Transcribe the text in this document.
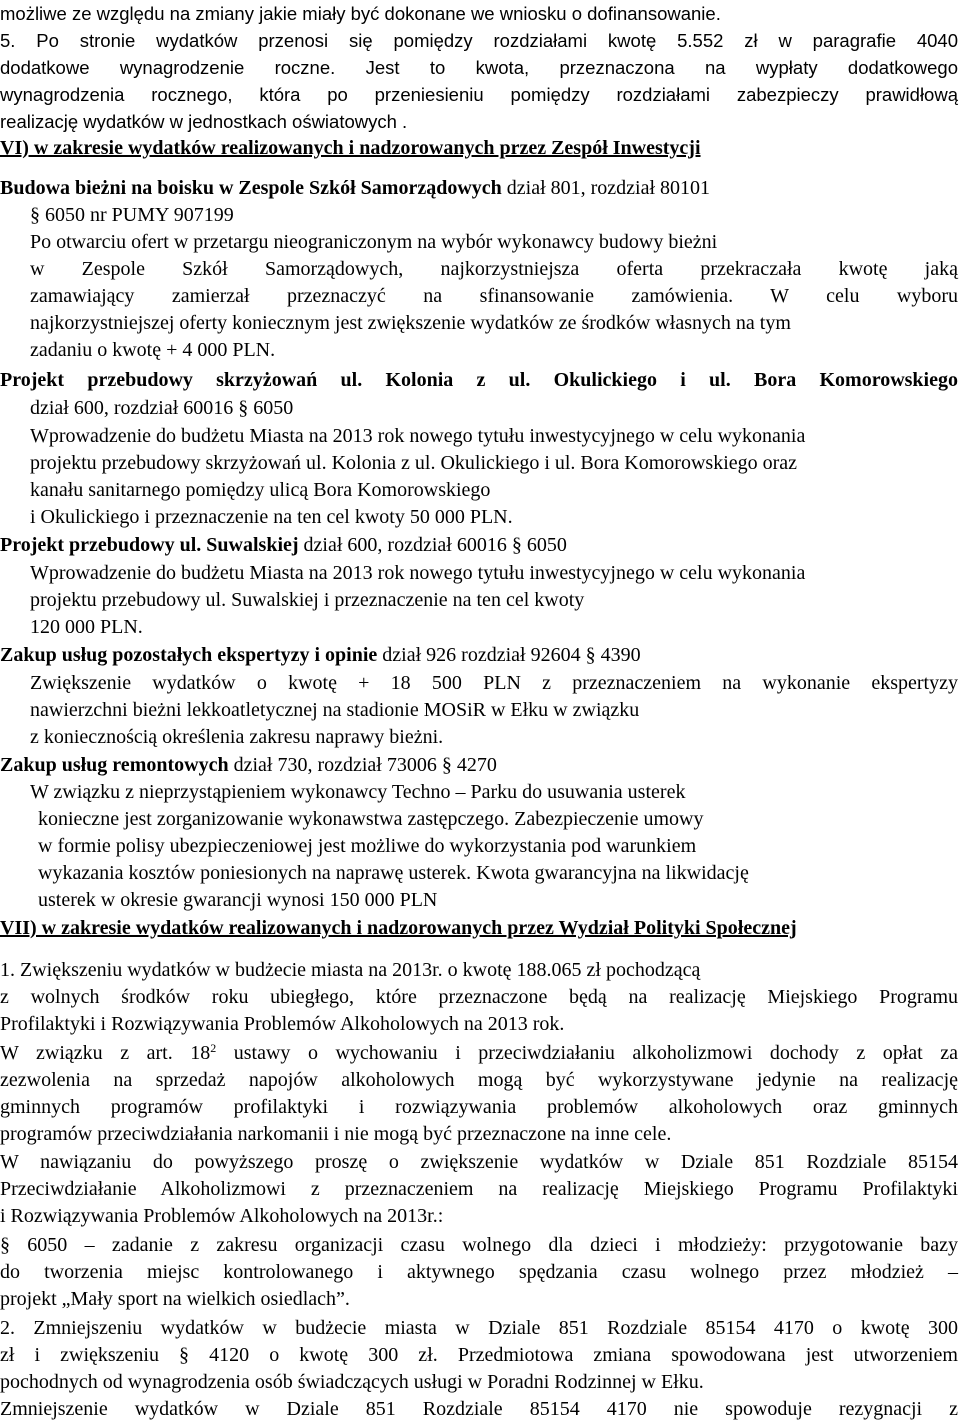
możliwe ze względu na zmiany jakie miały być dokonane we wniosku o dofinansowanie.
5. Po stronie wydatków przenosi się pomiędzy rozdziałami kwotę 5.552 zł w paragrafie 4040
dodatkowe wynagrodzenie roczne. Jest to kwota, przeznaczona na wypłaty dodatkowego
wynagrodzenia rocznego, która po przeniesieniu pomiędzy rozdziałami zabezpieczy prawidłową
realizację wydatków w jednostkach oświatowych .
VI) w zakresie wydatków realizowanych i nadzorowanych przez Zespół Inwestycji
Budowa bieżni na boisku w Zespole Szkół Samorządowych dział 801, rozdział 80101
§ 6050 nr PUMY 907199
Po otwarciu ofert w przetargu nieograniczonym na wybór wykonawcy budowy bieżni
w Zespole Szkół Samorządowych, najkorzystniejsza oferta przekraczała kwotę jaką
zamawiający zamierzał przeznaczyć na sfinansowanie zamówienia. W celu wyboru
najkorzystniejszej oferty koniecznym jest zwiększenie wydatków ze środków własnych na tym
zadaniu o kwotę + 4 000 PLN.
Projekt przebudowy skrzyżowań ul. Kolonia z ul. Okulickiego i ul. Bora Komorowskiego
dział 600, rozdział 60016 § 6050
Wprowadzenie do budżetu Miasta na 2013 rok nowego tytułu inwestycyjnego w celu wykonania
projektu przebudowy skrzyżowań ul. Kolonia z ul. Okulickiego i ul. Bora Komorowskiego oraz
kanału sanitarnego pomiędzy ulicą Bora Komorowskiego
i Okulickiego i przeznaczenie na ten cel kwoty 50 000 PLN.
Projekt przebudowy ul. Suwalskiej dział 600, rozdział 60016 § 6050
Wprowadzenie do budżetu Miasta na 2013 rok nowego tytułu inwestycyjnego w celu wykonania
projektu przebudowy ul. Suwalskiej i przeznaczenie na ten cel kwoty
120 000 PLN.
Zakup usług pozostałych ekspertyzy i opinie dział 926 rozdział 92604 § 4390
Zwiększenie wydatków o kwotę + 18 500 PLN z przeznaczeniem na wykonanie ekspertyzy
nawierzchni bieżni lekkoatletycznej na stadionie MOSiR w Ełku w związku
z koniecznością określenia zakresu naprawy bieżni.
Zakup usług remontowych dział 730, rozdział 73006 § 4270
W związku z nieprzystąpieniem wykonawcy Techno – Parku do usuwania usterek
konieczne jest zorganizowanie wykonawstwa zastępczego. Zabezpieczenie umowy
w formie polisy ubezpieczeniowej jest możliwe do wykorzystania pod warunkiem
wykazania kosztów poniesionych na naprawę usterek. Kwota gwarancyjna na likwidację
usterek w okresie gwarancji wynosi 150 000 PLN
VII) w zakresie wydatków realizowanych i nadzorowanych przez Wydział Polityki Społecznej
1. Zwiększeniu wydatków w budżecie miasta na 2013r. o kwotę 188.065 zł pochodzącą
z wolnych środków roku ubiegłego, które przeznaczone będą na realizację Miejskiego Programu
Profilaktyki i Rozwiązywania Problemów Alkoholowych na 2013 rok.
W związku z art. $18^2$ ustawy o wychowaniu i przeciwdziałaniu alkoholizmowi dochody z opłat za
zezwolenia na sprzedaż napojów alkoholowych mogą być wykorzystywane jedynie na realizację
gminnych programów profilaktyki i rozwiązywania problemów alkoholowych oraz gminnych
programów przeciwdziałania narkomanii i nie mogą być przeznaczone na inne cele.
W nawiązaniu do powyższego proszę o zwiększenie wydatków w Dziale 851 Rozdziale 85154
Przeciwdziałanie Alkoholizmowi z przeznaczeniem na realizację Miejskiego Programu Profilaktyki
i Rozwiązywania Problemów Alkoholowych na 2013r.:
§ 6050 – zadanie z zakresu organizacji czasu wolnego dla dzieci i młodzieży: przygotowanie bazy
do tworzenia miejsc kontrolowanego i aktywnego spędzania czasu wolnego przez młodzież –
projekt „Mały sport na wielkich osiedlach”.
2. Zmniejszeniu wydatków w budżecie miasta w Dziale 851 Rozdziale 85154 4170 o kwotę 300
zł i zwiększeniu § 4120 o kwotę 300 zł. Przedmiotowa zmiana spowodowana jest utworzeniem
pochodnych od wynagrodzenia osób świadczących usługi w Poradni Rodzinnej w Ełku.
Zmniejszenie wydatków w Dziale 851 Rozdziale 85154 4170 nie spowoduje rezygnacji z
